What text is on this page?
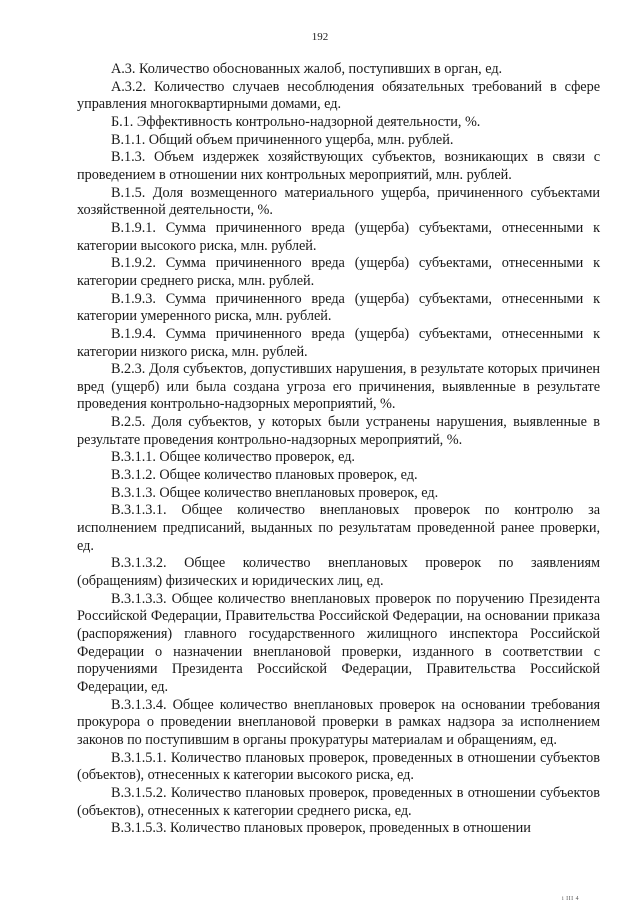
192

А.3. Количество обоснованных жалоб, поступивших в орган, ед.

А.3.2. Количество случаев несоблюдения обязательных требований в сфере управления многоквартирными домами, ед.

Б.1. Эффективность контрольно-надзорной деятельности, %.

В.1.1. Общий объем причиненного ущерба, млн. рублей.

В.1.3. Объем издержек хозяйствующих субъектов, возникающих в связи с проведением в отношении них контрольных мероприятий, млн. рублей.

В.1.5. Доля возмещенного материального ущерба, причиненного субъектами хозяйственной деятельности, %.

В.1.9.1. Сумма причиненного вреда (ущерба) субъектами, отнесенными к категории высокого риска, млн. рублей.

В.1.9.2. Сумма причиненного вреда (ущерба) субъектами, отнесенными к категории среднего риска, млн. рублей.

В.1.9.3. Сумма причиненного вреда (ущерба) субъектами, отнесенными к категории умеренного риска, млн. рублей.

В.1.9.4. Сумма причиненного вреда (ущерба) субъектами, отнесенными к категории низкого риска, млн. рублей.

В.2.3. Доля субъектов, допустивших нарушения, в результате которых причинен вред (ущерб) или была создана угроза его причинения, выявленные в результате проведения контрольно-надзорных мероприятий, %.

В.2.5. Доля субъектов, у которых были устранены нарушения, выявленные в результате проведения контрольно-надзорных мероприятий, %.

В.3.1.1. Общее количество проверок, ед.

В.3.1.2. Общее количество плановых проверок, ед.

В.3.1.3. Общее количество внеплановых проверок, ед.

В.3.1.3.1. Общее количество внеплановых проверок по контролю за исполнением предписаний, выданных по результатам проведенной ранее проверки, ед.

В.3.1.3.2. Общее количество внеплановых проверок по заявлениям (обращениям) физических и юридических лиц, ед.

В.3.1.3.3. Общее количество внеплановых проверок по поручению Президента Российской Федерации, Правительства Российской Федерации, на основании приказа (распоряжения) главного государственного жилищного инспектора Российской Федерации о назначении внеплановой проверки, изданного в соответствии с поручениями Президента Российской Федерации, Правительства Российской Федерации, ед.

В.3.1.3.4. Общее количество внеплановых проверок на основании требования прокурора о проведении внеплановой проверки в рамках надзора за исполнением законов по поступившим в органы прокуратуры материалам и обращениям, ед.

В.3.1.5.1. Количество плановых проверок, проведенных в отношении субъектов (объектов), отнесенных к категории высокого риска, ед.

В.3.1.5.2. Количество плановых проверок, проведенных в отношении субъектов (объектов), отнесенных к категории среднего риска, ед.

В.3.1.5.3. Количество плановых проверок, проведенных в отношении

і ІІІ 4
